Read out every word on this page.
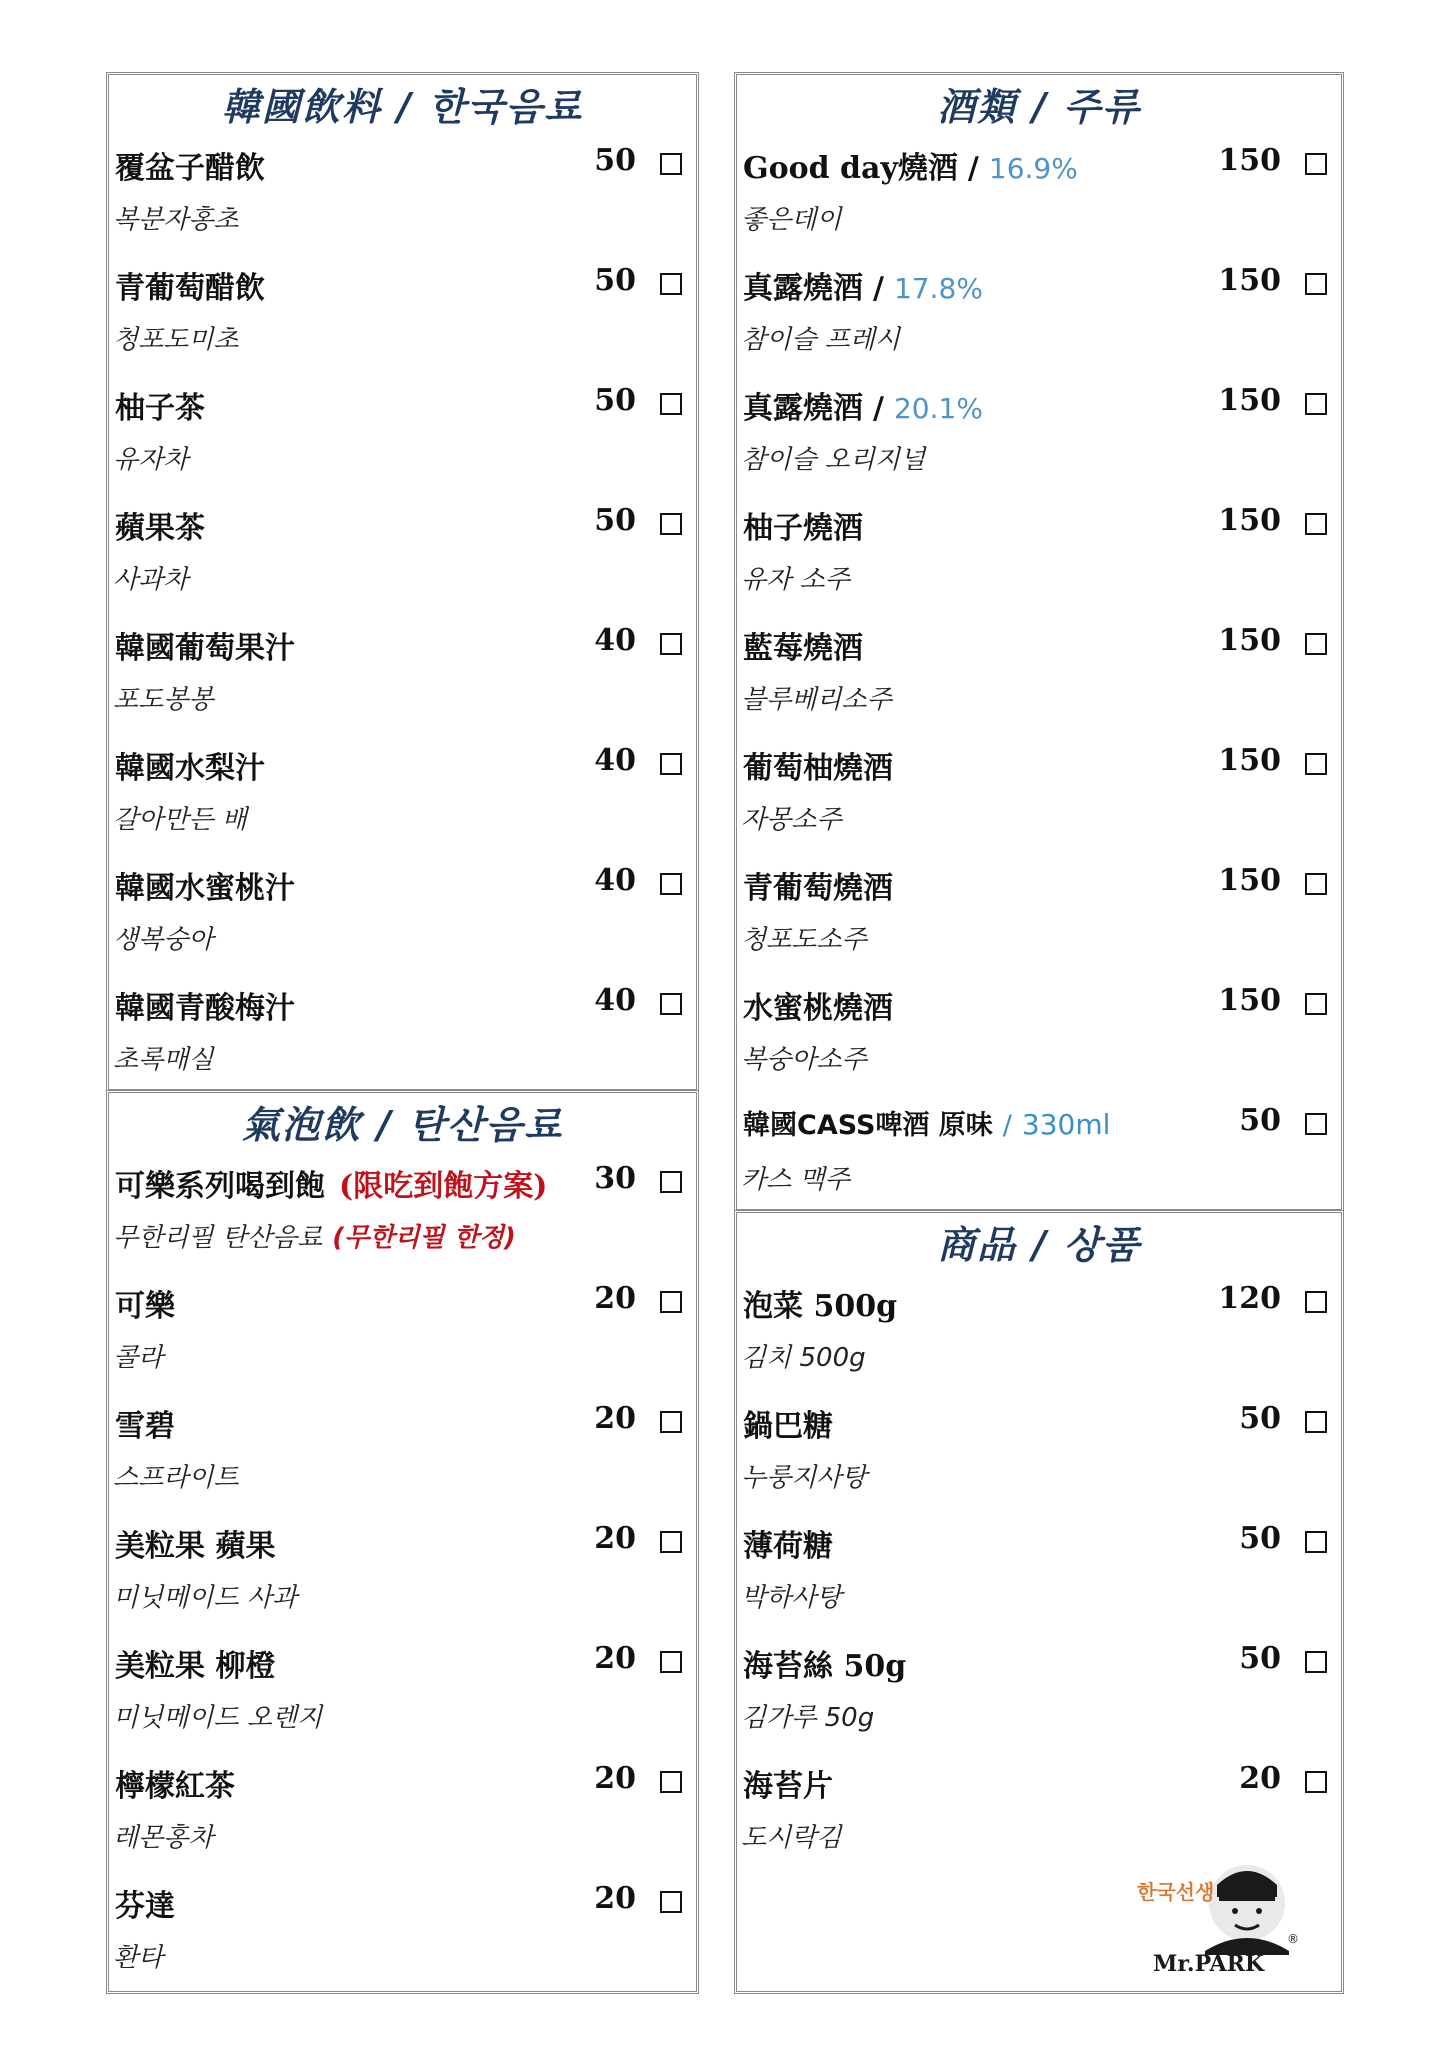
韓國飲料 / 한국음료
覆盆子醋飲
복분자홍초
50
青葡萄醋飲
청포도미초
50
柚子茶
유자차
50
蘋果茶
사과차
50
韓國葡萄果汁
포도봉봉
40
韓國水梨汁
갈아만든 배
40
韓國水蜜桃汁
생복숭아
40
韓國青酸梅汁
초록매실
40
氣泡飲 / 탄산음료
可樂系列喝到飽 (限吃到飽方案)
무한리필 탄산음료 (무한리필 한정)
30
可樂
콜라
20
雪碧
스프라이트
20
美粒果 蘋果
미닛메이드 사과
20
美粒果 柳橙
미닛메이드 오렌지
20
檸檬紅茶
레몬홍차
20
芬達
환타
20
酒類 / 주류
Good day燒酒 / 16.9%
좋은데이
150
真露燒酒 / 17.8%
참이슬 프레시
150
真露燒酒 / 20.1%
참이슬 오리지널
150
柚子燒酒
유자 소주
150
藍莓燒酒
블루베리소주
150
葡萄柚燒酒
자몽소주
150
青葡萄燒酒
청포도소주
150
水蜜桃燒酒
복숭아소주
150
韓國CASS啤酒 原味 / 330ml
카스 맥주
50
商品 / 상품
泡菜 500g
김치 500g
120
鍋巴糖
누룽지사탕
50
薄荷糖
박하사탕
50
海苔絲 50g
김가루 50g
50
海苔片
도시락김
20
한국선생
Mr.PARK
®
